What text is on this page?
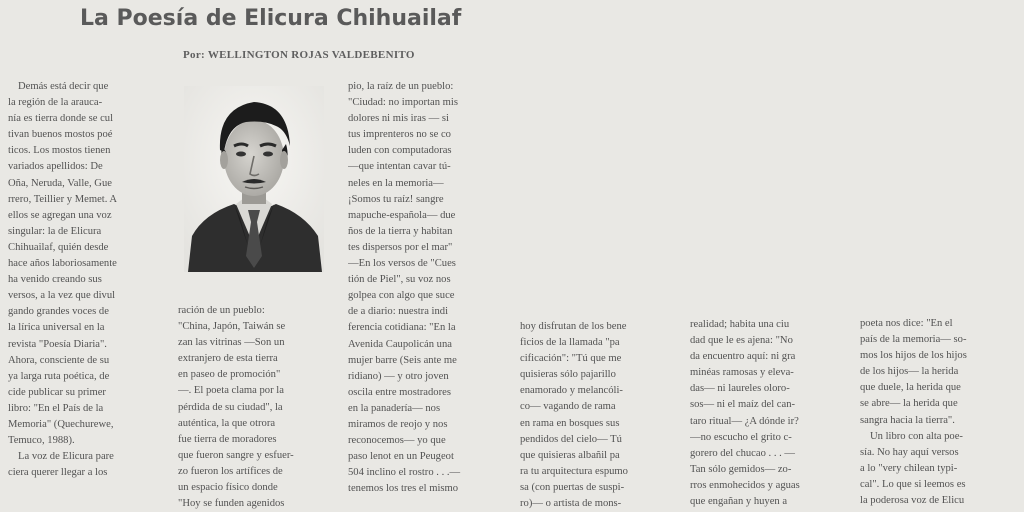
La Poesía de Elicura Chihuailaf
Por: WELLINGTON ROJAS VALDEBENITO
Demás está decir que
la región de la arauca-
nía es tierra donde se cul
tivan buenos mostos poé
ticos. Los mostos tienen
variados apellidos: De
Oña, Neruda, Valle, Gue
rrero, Teillier y Memet. A
ellos se agregan una voz
singular: la de Elicura
Chihuailaf, quién desde
hace años laboriosamente
ha venido creando sus
versos, a la vez que divul
gando grandes voces de
la lírica universal en la
revista "Poesía Diaria".
Ahora, consciente de su
ya larga ruta poética, de
cide publicar su primer
libro: "En el País de la
Memoria" (Quechurewe,
Temuco, 1988).
La voz de Elicura pare
ciera querer llegar a los
ración de un pueblo:
"China, Japón, Taiwán se
zan las vitrinas —Son un
extranjero de esta tierra
en paseo de promoción"
—. El poeta clama por la
pérdida de su ciudad", la
auténtica, la que otrora
fue tierra de moradores
que fueron sangre y esfuer-
zo fueron los artífices de
un espacio físico donde
"Hoy se funden agenidos
pio, la raíz de un pueblo:
"Ciudad: no importan mis
dolores ni mis iras — si
tus imprenteros no se co
luden con computadoras
—que intentan cavar tú-
neles en la memoria—
¡Somos tu raíz! sangre
mapuche-española— due
ños de la tierra y habitan
tes dispersos por el mar"
—En los versos de "Cues
tión de Piel", su voz nos
golpea con algo que suce
de a diario: nuestra indi
ferencia cotidiana: "En la
Avenida Caupolicán una
mujer barre (Seis ante me
ridiano) — y otro joven
oscila entre mostradores
en la panadería— nos
miramos de reojo y nos
reconocemos— yo que
paso lenot en un Peugeot
504 inclino el rostro . . .—
tenemos los tres el mismo
hoy disfrutan de los bene
ficios de la llamada "pa
cificación": "Tú que me
quisieras sólo pajarillo
enamorado y melancóli-
co— vagando de rama
en rama en bosques sus
pendidos del cielo— Tú
que quisieras albañil pa
ra tu arquitectura espumo
sa (con puertas de suspi-
ro)— o artista de mons-
realidad; habita una ciu
dad que le es ajena: "No
da encuentro aquí: ni gra
minéas ramosas y eleva-
das— ni laureles oloro-
sos— ni el maíz del can-
taro ritual— ¿A dónde ir?
—no escucho el grito c-
gorero del chucao . . . —
Tan sólo gemidos— zo-
rros enmohecidos y aguas
que engañan y huyen a
poeta nos dice: "En el
país de la memoria— so-
mos los hijos de los hijos
de los hijos— la herida
que duele, la herida que
se abre— la herida que
sangra hacia la tierra".
Un libro con alta poe-
sía. No hay aquí versos
a lo "very chilean typi-
cal". Lo que si leemos es
la poderosa voz de Elicu
